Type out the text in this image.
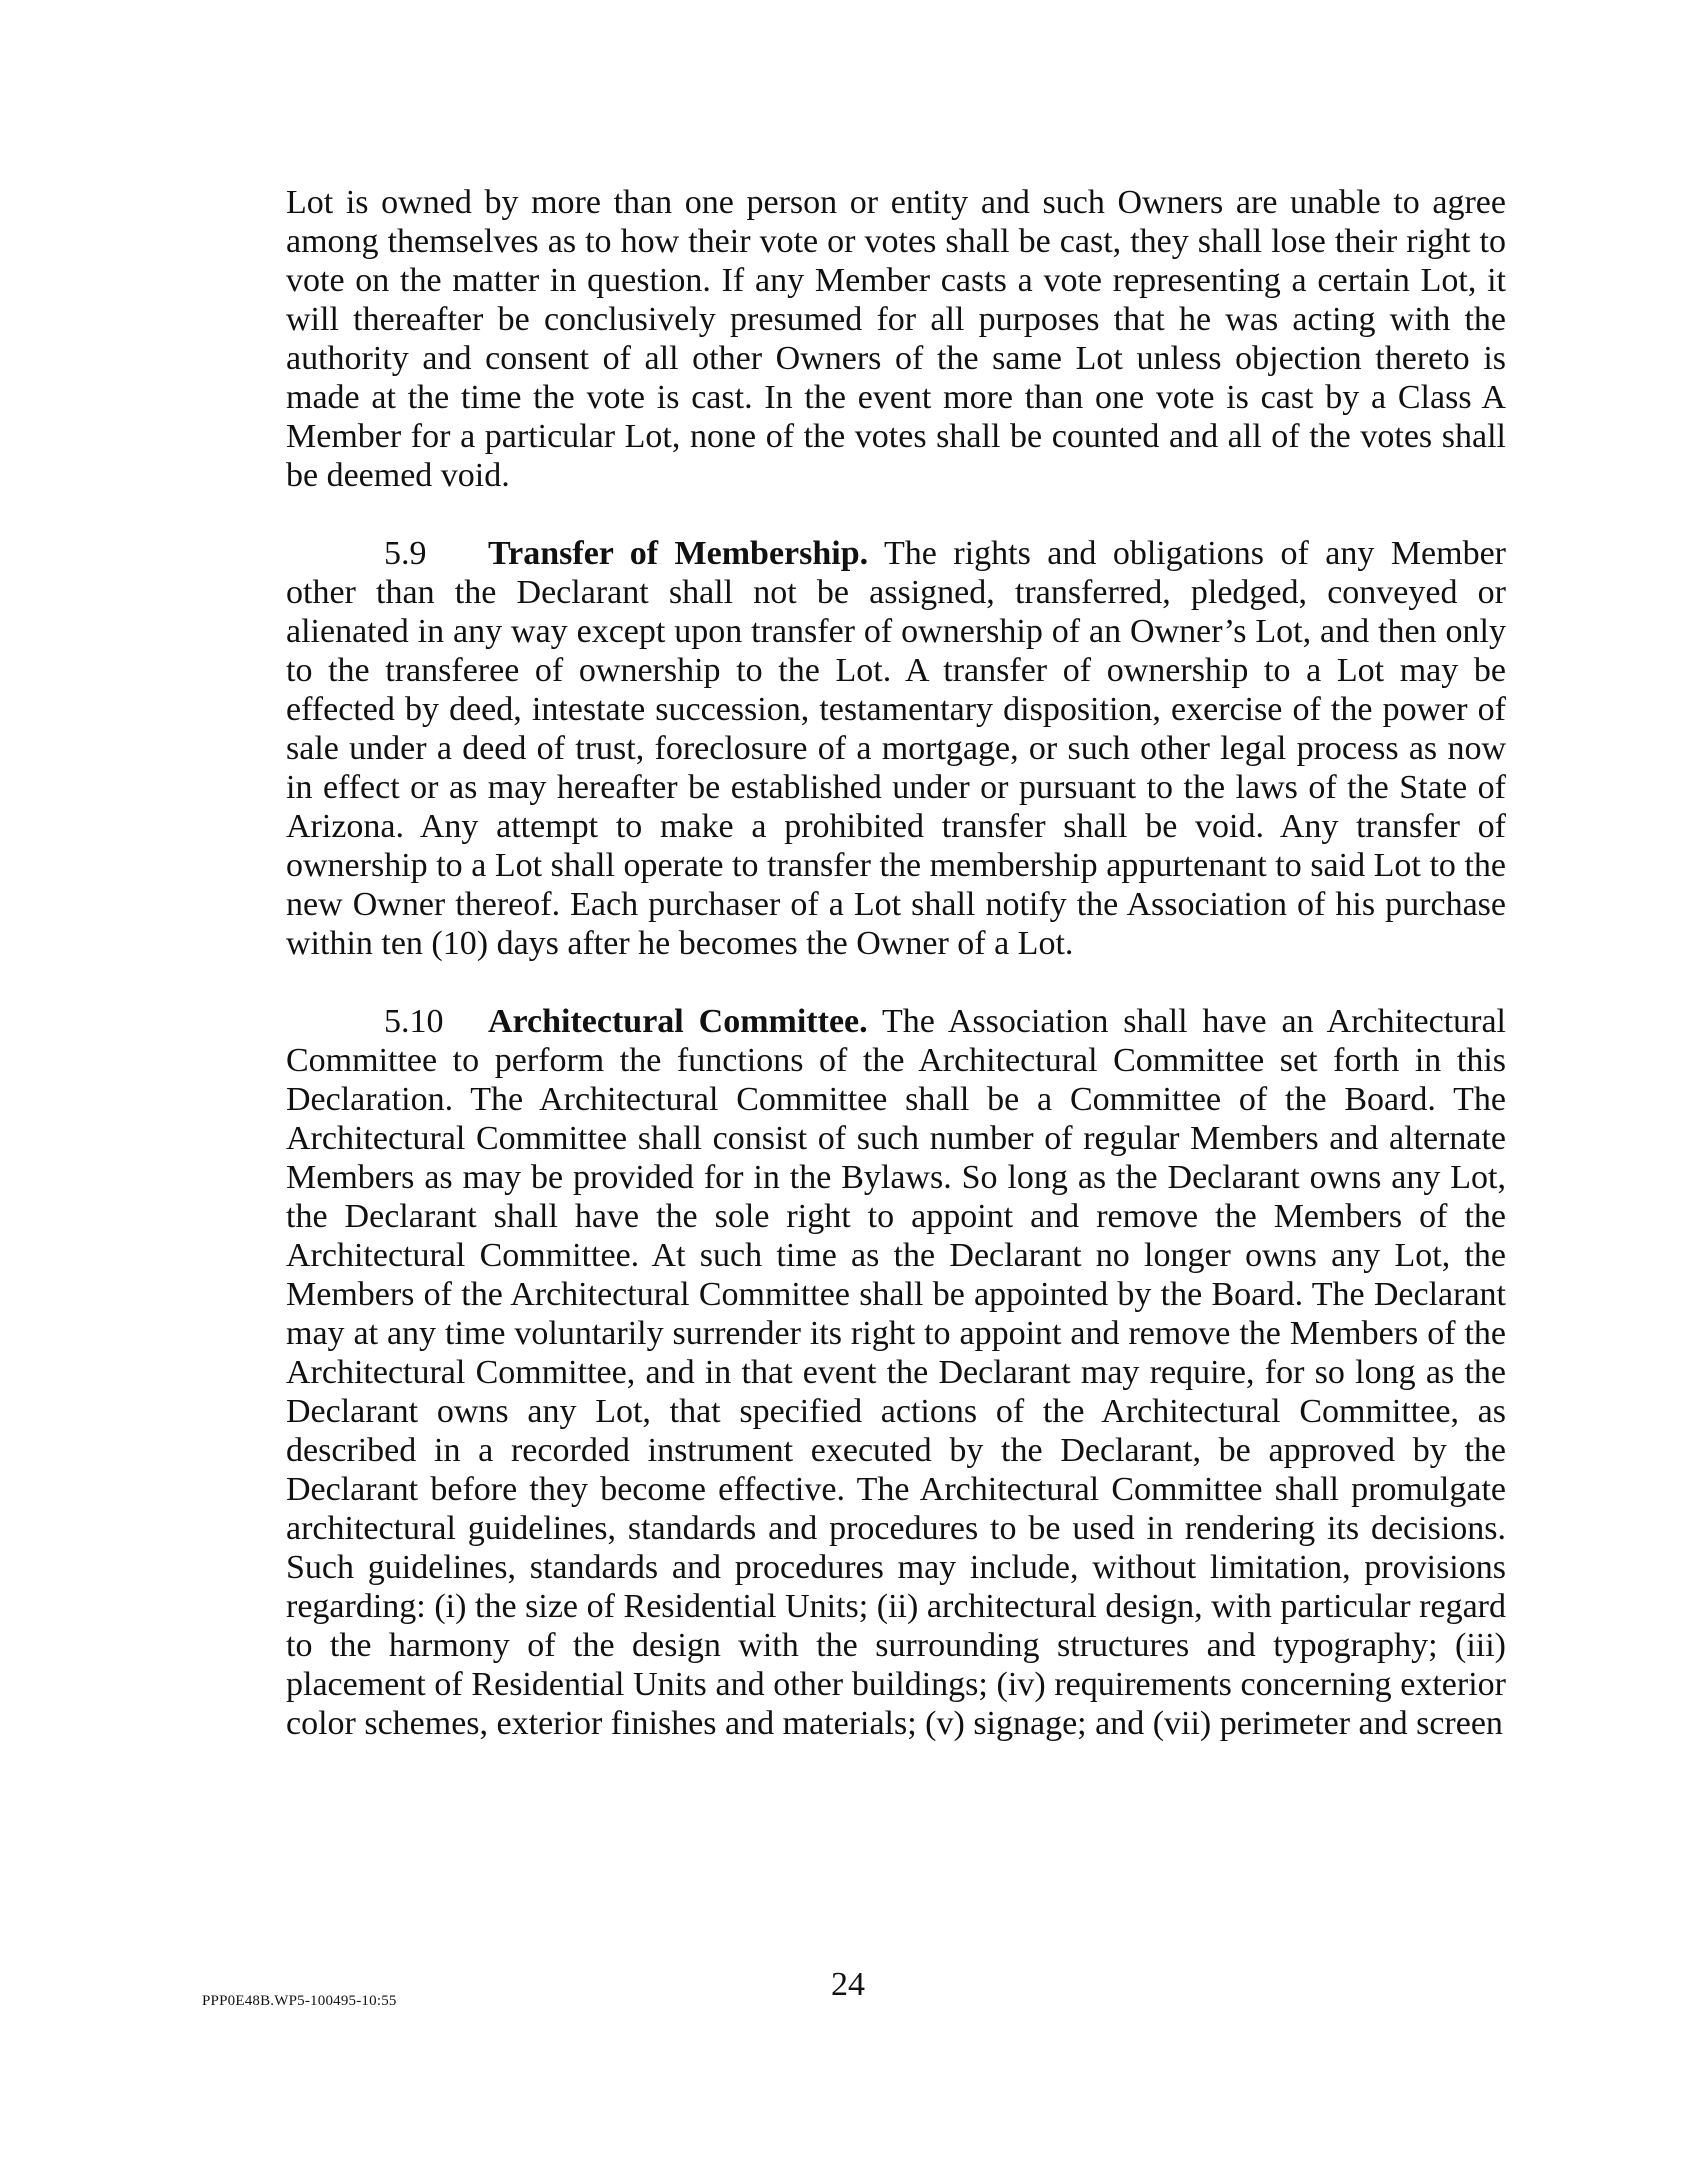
Lot is owned by more than one person or entity and such Owners are unable to agree among themselves as to how their vote or votes shall be cast, they shall lose their right to vote on the matter in question. If any Member casts a vote representing a certain Lot, it will thereafter be conclusively presumed for all purposes that he was acting with the authority and consent of all other Owners of the same Lot unless objection thereto is made at the time the vote is cast. In the event more than one vote is cast by a Class A Member for a particular Lot, none of the votes shall be counted and all of the votes shall be deemed void.

5.9 Transfer of Membership. The rights and obligations of any Member other than the Declarant shall not be assigned, transferred, pledged, conveyed or alienated in any way except upon transfer of ownership of an Owner’s Lot, and then only to the transferee of ownership to the Lot. A transfer of ownership to a Lot may be effected by deed, intestate succession, testamentary disposition, exercise of the power of sale under a deed of trust, foreclosure of a mortgage, or such other legal process as now in effect or as may hereafter be established under or pursuant to the laws of the State of Arizona. Any attempt to make a prohibited transfer shall be void. Any transfer of ownership to a Lot shall operate to transfer the membership appurtenant to said Lot to the new Owner thereof. Each purchaser of a Lot shall notify the Association of his purchase within ten (10) days after he becomes the Owner of a Lot.

5.10 Architectural Committee. The Association shall have an Architectural Committee to perform the functions of the Architectural Committee set forth in this Declaration. The Architectural Committee shall be a Committee of the Board. The Architectural Committee shall consist of such number of regular Members and alternate Members as may be provided for in the Bylaws. So long as the Declarant owns any Lot, the Declarant shall have the sole right to appoint and remove the Members of the Architectural Committee. At such time as the Declarant no longer owns any Lot, the Members of the Architectural Committee shall be appointed by the Board. The Declarant may at any time voluntarily surrender its right to appoint and remove the Members of the Architectural Committee, and in that event the Declarant may require, for so long as the Declarant owns any Lot, that specified actions of the Architectural Committee, as described in a recorded instrument executed by the Declarant, be approved by the Declarant before they become effective. The Architectural Committee shall promulgate architectural guidelines, standards and procedures to be used in rendering its decisions. Such guidelines, standards and procedures may include, without limitation, provisions regarding: (i) the size of Residential Units; (ii) architectural design, with particular regard to the harmony of the design with the surrounding structures and typography; (iii) placement of Residential Units and other buildings; (iv) requirements concerning exterior color schemes, exterior finishes and materials; (v) signage; and (vii) perimeter and screen

PPP0E48B.WP5-100495-10:55	24
